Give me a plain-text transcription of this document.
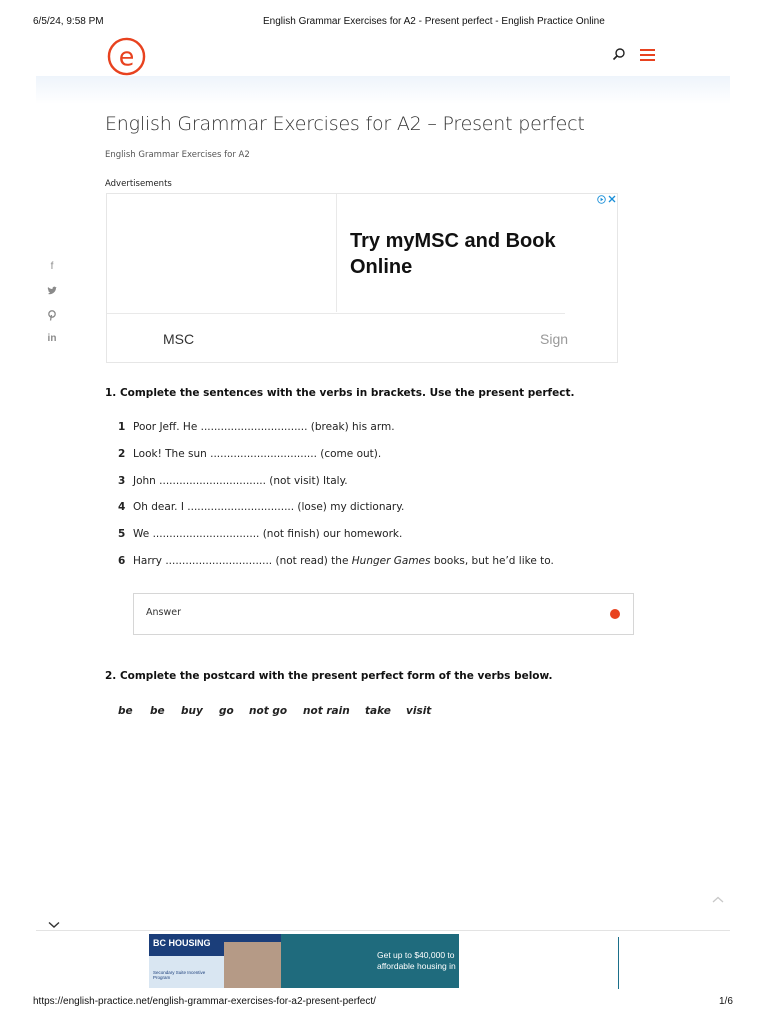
6/5/24, 9:58 PM	English Grammar Exercises for A2 - Present perfect - English Practice Online
e
English Grammar Exercises for A2 – Present perfect
English Grammar Exercises for A2
Advertisements
Try myMSC and Book
Online
MSC	Sign
f
in
1. Complete the sentences with the verbs in brackets. Use the present perfect.
1 Poor Jeff. He ................................ (break) his arm.
2 Look! The sun ................................ (come out).
3 John ................................ (not visit) Italy.
4 Oh dear. I ................................ (lose) my dictionary.
5 We ................................ (not finish) our homework.
6 Harry ................................ (not read) the Hunger Games books, but he’d like to.
Answer
2. Complete the postcard with the present perfect form of the verbs below.
be be buy go not go not rain take visit
BC HOUSING
Secondary Suite Incentive Program
Get up to $40,000 to
affordable housing in
https://english-practice.net/english-grammar-exercises-for-a2-present-perfect/	1/6
